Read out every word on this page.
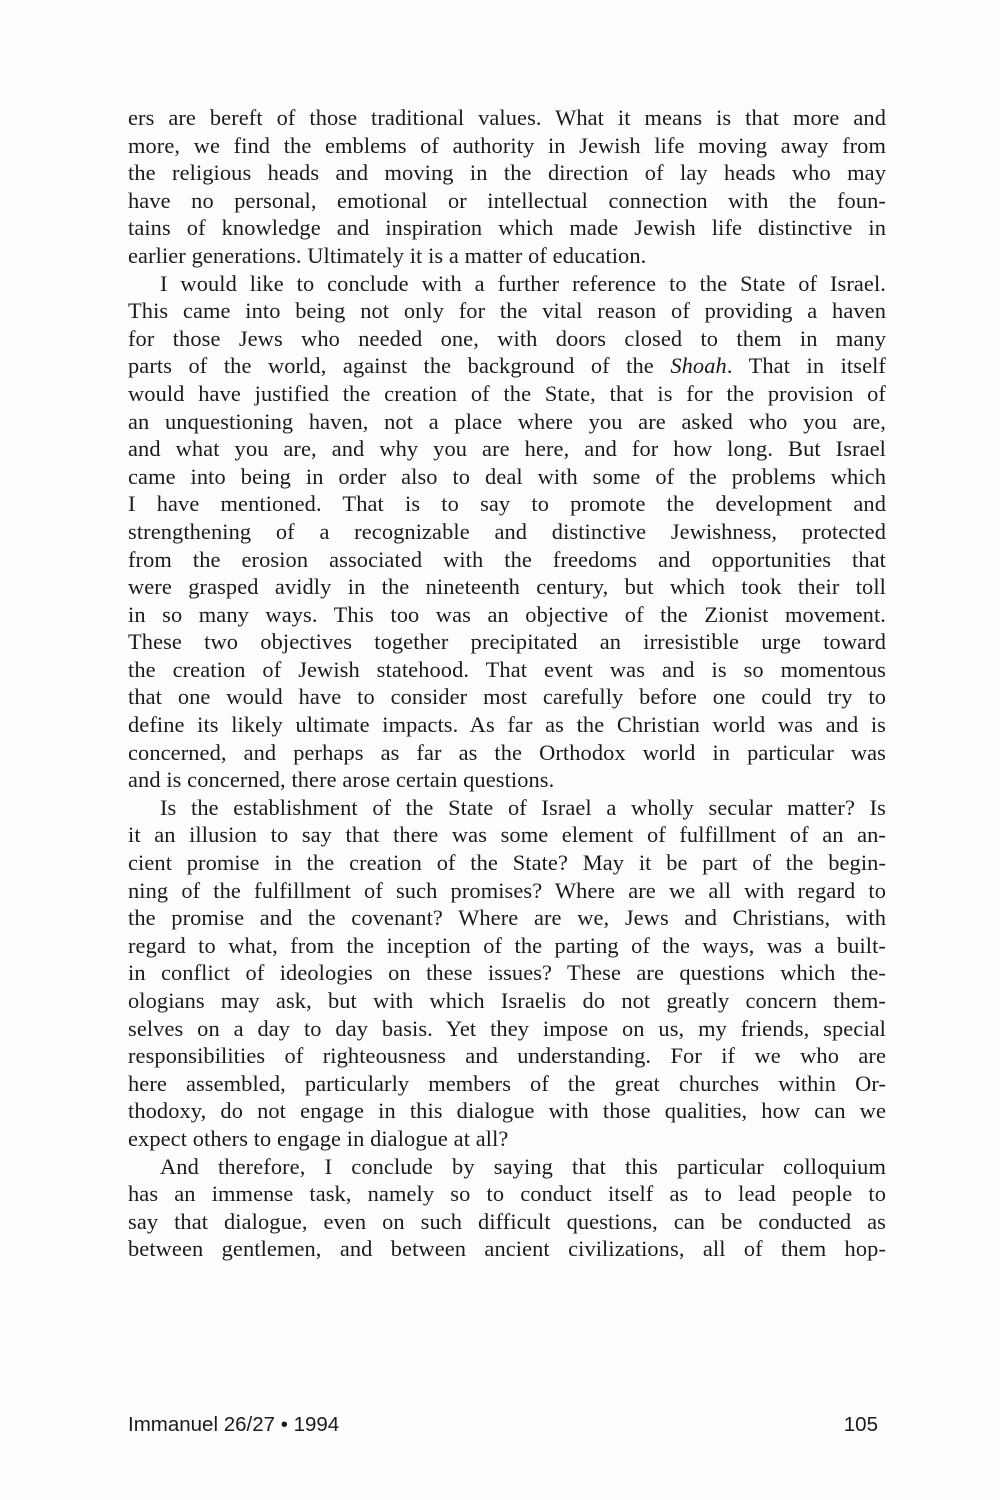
ers are bereft of those traditional values. What it means is that more and
more, we find the emblems of authority in Jewish life moving away from
the religious heads and moving in the direction of lay heads who may
have no personal, emotional or intellectual connection with the foun-
tains of knowledge and inspiration which made Jewish life distinctive in
earlier generations. Ultimately it is a matter of education.
I would like to conclude with a further reference to the State of Israel.
This came into being not only for the vital reason of providing a haven
for those Jews who needed one, with doors closed to them in many
parts of the world, against the background of the Shoah. That in itself
would have justified the creation of the State, that is for the provision of
an unquestioning haven, not a place where you are asked who you are,
and what you are, and why you are here, and for how long. But Israel
came into being in order also to deal with some of the problems which
I have mentioned. That is to say to promote the development and
strengthening of a recognizable and distinctive Jewishness, protected
from the erosion associated with the freedoms and opportunities that
were grasped avidly in the nineteenth century, but which took their toll
in so many ways. This too was an objective of the Zionist movement.
These two objectives together precipitated an irresistible urge toward
the creation of Jewish statehood. That event was and is so momentous
that one would have to consider most carefully before one could try to
define its likely ultimate impacts. As far as the Christian world was and is
concerned, and perhaps as far as the Orthodox world in particular was
and is concerned, there arose certain questions.
Is the establishment of the State of Israel a wholly secular matter? Is
it an illusion to say that there was some element of fulfillment of an an-
cient promise in the creation of the State? May it be part of the begin-
ning of the fulfillment of such promises? Where are we all with regard to
the promise and the covenant? Where are we, Jews and Christians, with
regard to what, from the inception of the parting of the ways, was a built-
in conflict of ideologies on these issues? These are questions which the-
ologians may ask, but with which Israelis do not greatly concern them-
selves on a day to day basis. Yet they impose on us, my friends, special
responsibilities of righteousness and understanding. For if we who are
here assembled, particularly members of the great churches within Or-
thodoxy, do not engage in this dialogue with those qualities, how can we
expect others to engage in dialogue at all?
And therefore, I conclude by saying that this particular colloquium
has an immense task, namely so to conduct itself as to lead people to
say that dialogue, even on such difficult questions, can be conducted as
between gentlemen, and between ancient civilizations, all of them hop-
Immanuel 26/27 • 1994	105
